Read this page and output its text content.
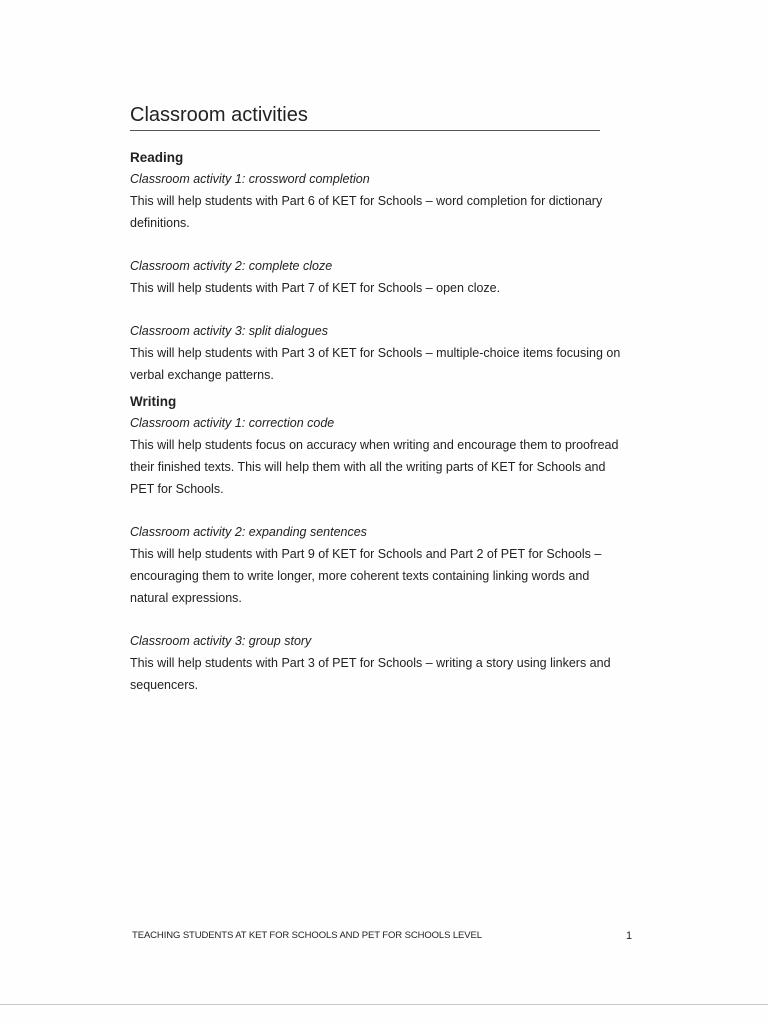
Classroom activities
Reading
Classroom activity 1: crossword completion

This will help students with Part 6 of KET for Schools – word completion for dictionary definitions.

Classroom activity 2: complete cloze

This will help students with Part 7 of KET for Schools – open cloze.

Classroom activity 3: split dialogues

This will help students with Part 3 of KET for Schools – multiple-choice items focusing on verbal exchange patterns.

Writing
Classroom activity 1: correction code

This will help students focus on accuracy when writing and encourage them to proofread their finished texts. This will help them with all the writing parts of KET for Schools and PET for Schools.

Classroom activity 2: expanding sentences

This will help students with Part 9 of KET for Schools and Part 2 of PET for Schools – encouraging them to write longer, more coherent texts containing linking words and natural expressions.

Classroom activity 3: group story

This will help students with Part 3 of PET for Schools – writing a story using linkers and sequencers.

TEACHING STUDENTS AT KET FOR SCHOOLS AND PET FOR SCHOOLS LEVEL	1
